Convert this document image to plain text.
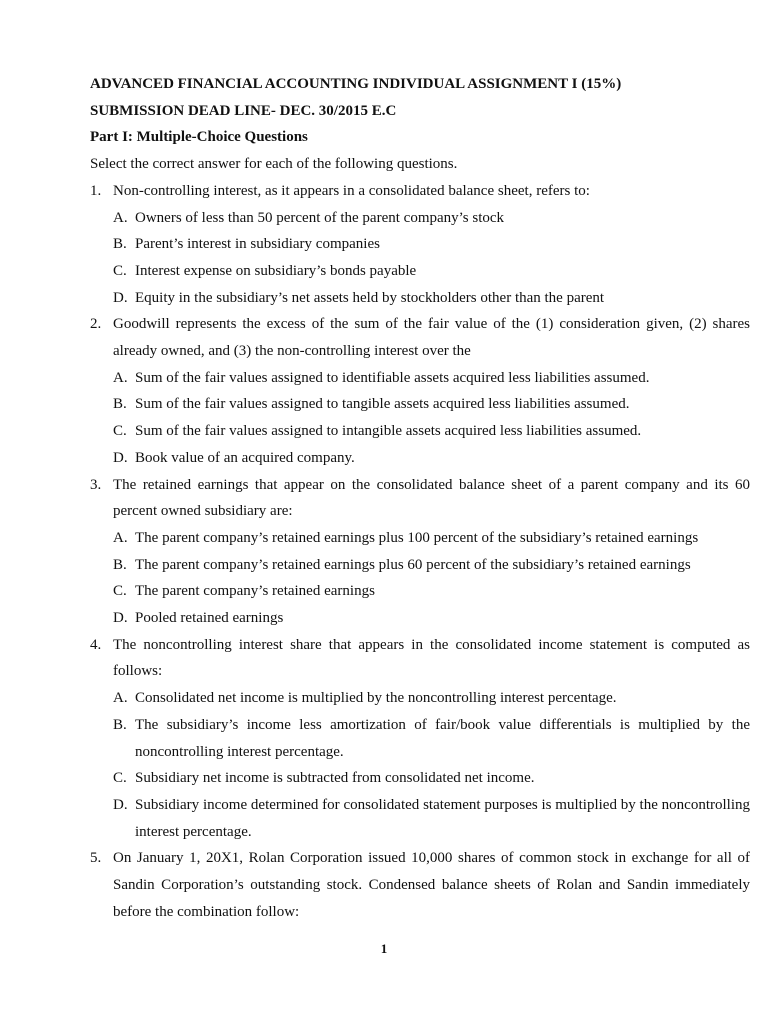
ADVANCED FINANCIAL ACCOUNTING INDIVIDUAL ASSIGNMENT I (15%)
SUBMISSION DEAD LINE- DEC. 30/2015 E.C
Part I: Multiple-Choice Questions
Select the correct answer for each of the following questions.
1. Non-controlling interest, as it appears in a consolidated balance sheet, refers to:
A. Owners of less than 50 percent of the parent company’s stock
B. Parent’s interest in subsidiary companies
C. Interest expense on subsidiary’s bonds payable
D. Equity in the subsidiary’s net assets held by stockholders other than the parent
2. Goodwill represents the excess of the sum of the fair value of the (1) consideration given, (2) shares already owned, and (3) the non-controlling interest over the
A. Sum of the fair values assigned to identifiable assets acquired less liabilities assumed.
B. Sum of the fair values assigned to tangible assets acquired less liabilities assumed.
C. Sum of the fair values assigned to intangible assets acquired less liabilities assumed.
D. Book value of an acquired company.
3. The retained earnings that appear on the consolidated balance sheet of a parent company and its 60 percent owned subsidiary are:
A. The parent company’s retained earnings plus 100 percent of the subsidiary’s retained earnings
B. The parent company’s retained earnings plus 60 percent of the subsidiary’s retained earnings
C. The parent company’s retained earnings
D. Pooled retained earnings
4. The noncontrolling interest share that appears in the consolidated income statement is computed as follows:
A. Consolidated net income is multiplied by the noncontrolling interest percentage.
B. The subsidiary’s income less amortization of fair/book value differentials is multiplied by the noncontrolling interest percentage.
C. Subsidiary net income is subtracted from consolidated net income.
D. Subsidiary income determined for consolidated statement purposes is multiplied by the noncontrolling interest percentage.
5. On January 1, 20X1, Rolan Corporation issued 10,000 shares of common stock in exchange for all of Sandin Corporation’s outstanding stock. Condensed balance sheets of Rolan and Sandin immediately before the combination follow:
1
